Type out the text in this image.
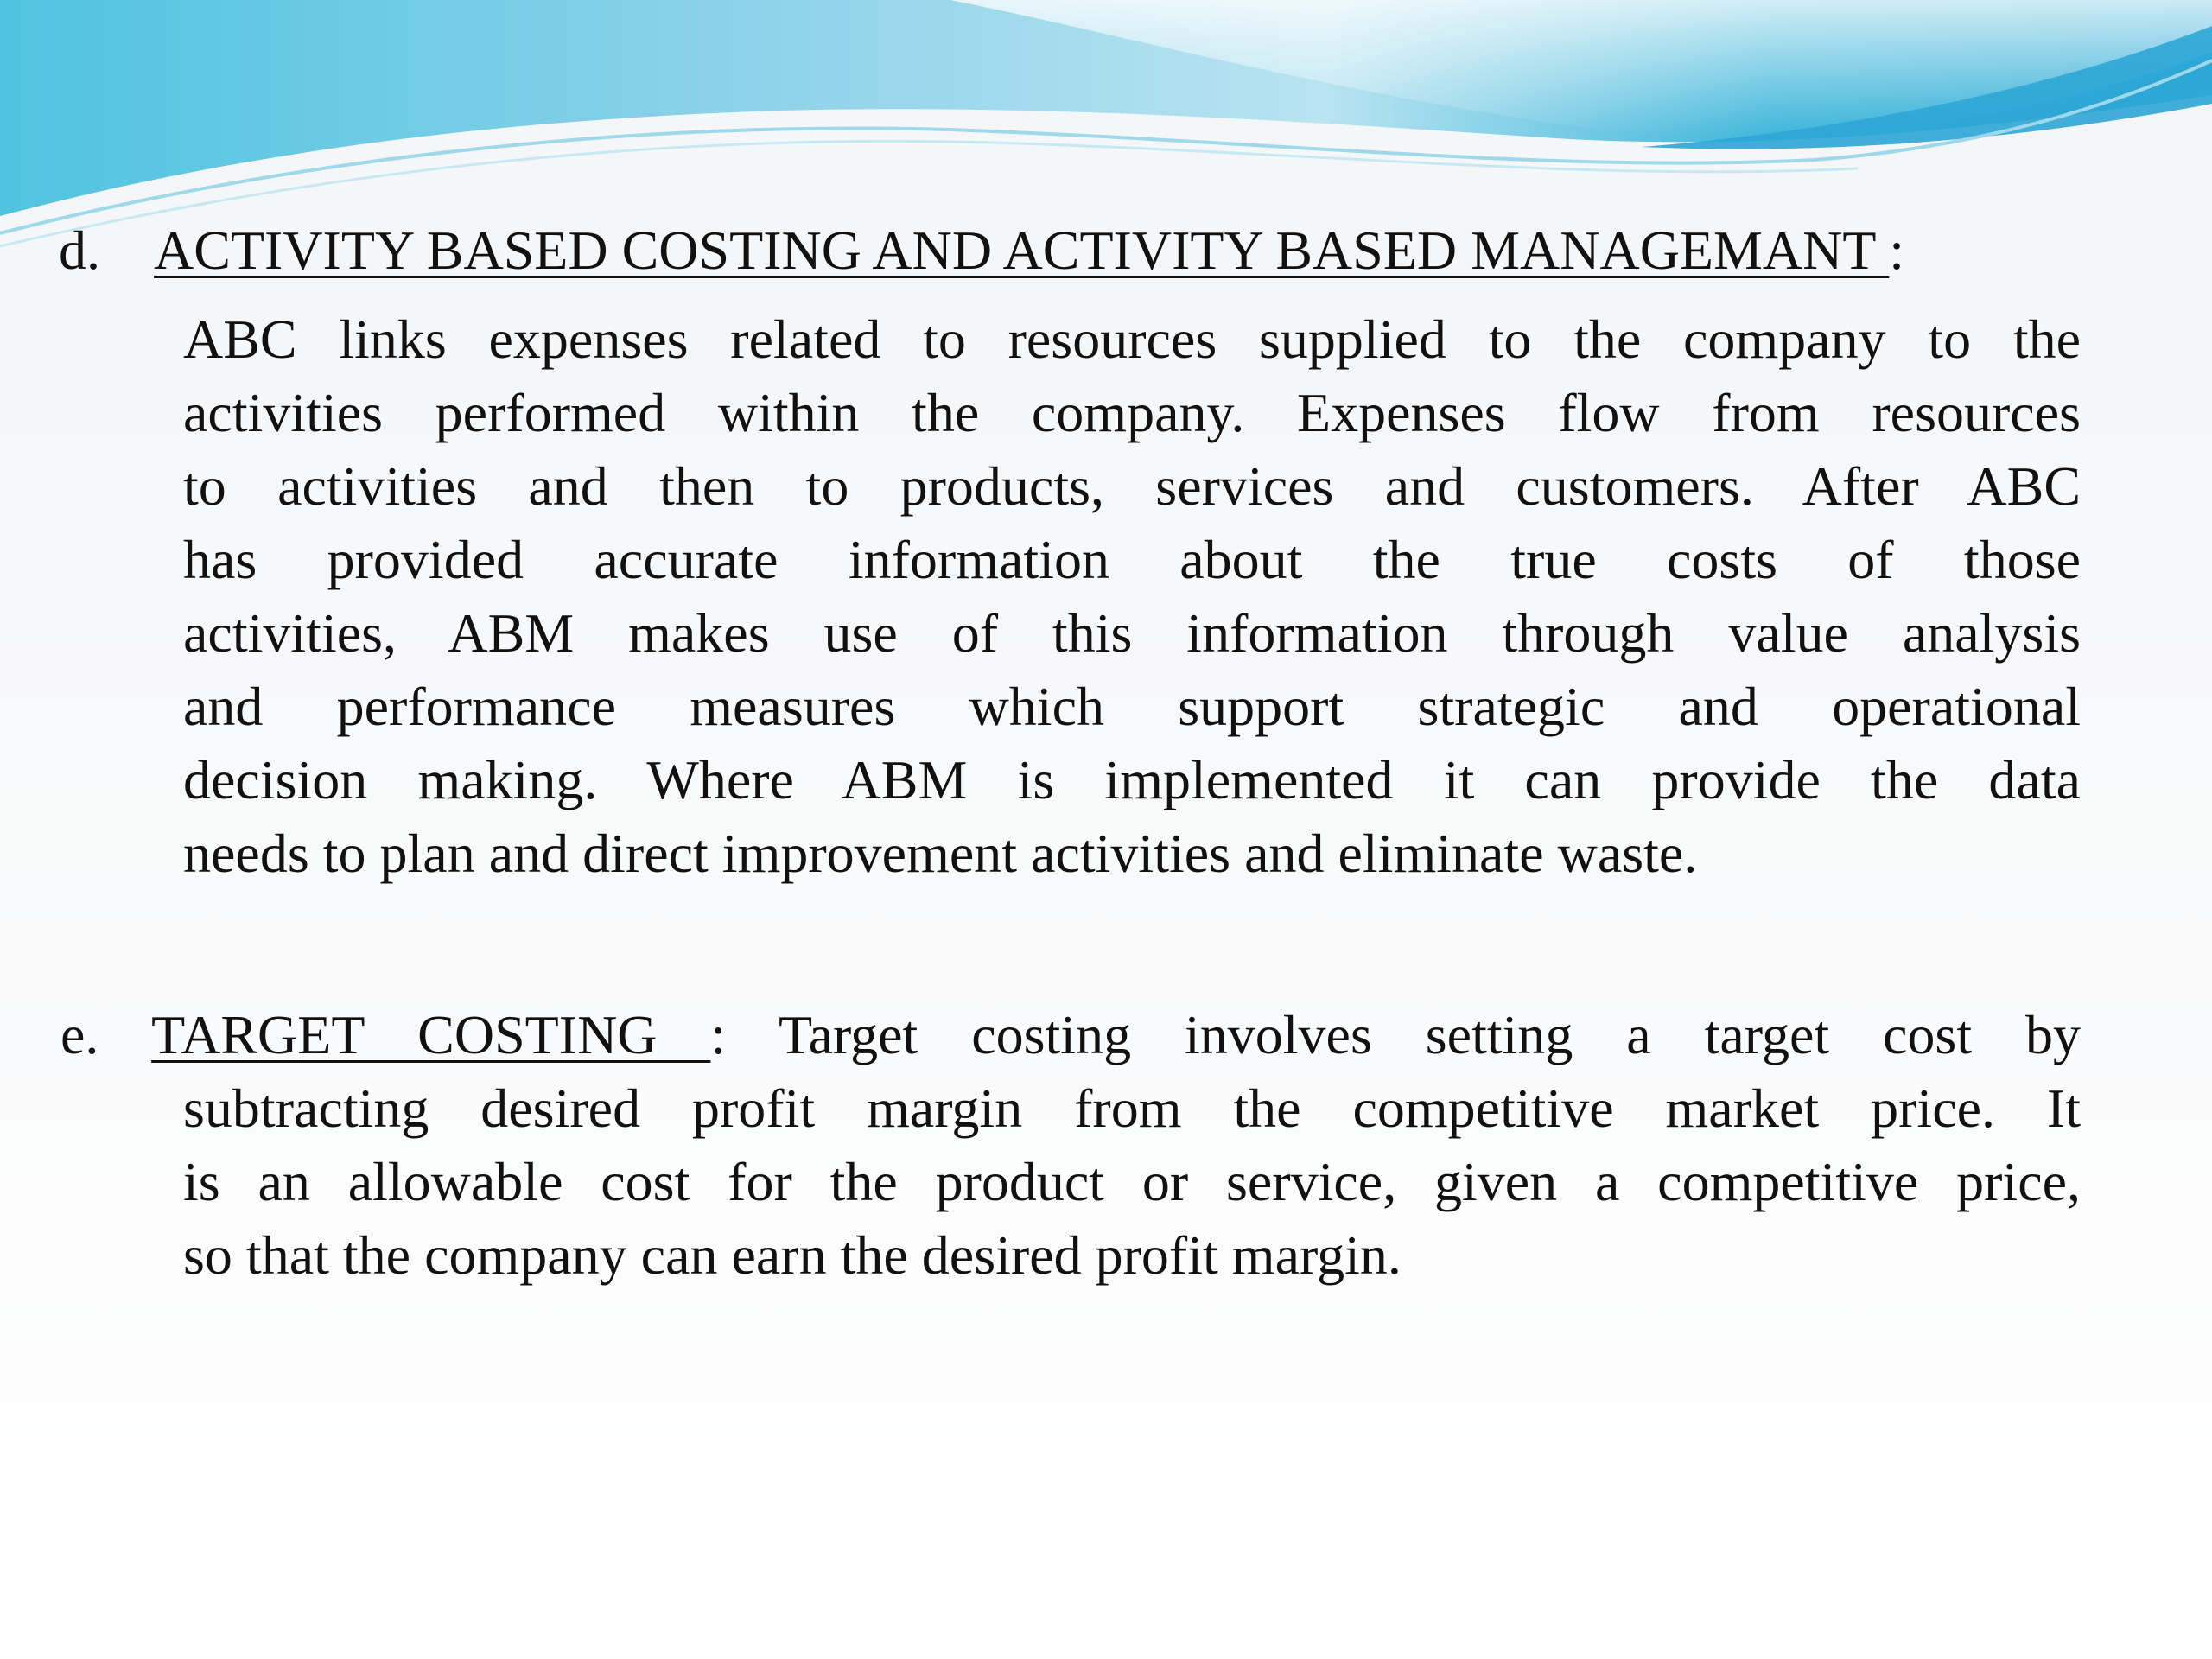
d. ACTIVITY BASED COSTING AND ACTIVITY BASED MANAGEMANT :
ABC links expenses related to resources supplied to the company to the
activities performed within the company. Expenses flow from resources
to activities and then to products, services and customers. After ABC
has provided accurate information about the true costs of those
activities, ABM makes use of this information through value analysis
and performance measures which support strategic and operational
decision making. Where ABM is implemented it can provide the data
needs to plan and direct improvement activities and eliminate waste.
e. TARGET COSTING : Target costing involves setting a target cost by
subtracting desired profit margin from the competitive market price. It
is an allowable cost for the product or service, given a competitive price,
so that the company can earn the desired profit margin.
